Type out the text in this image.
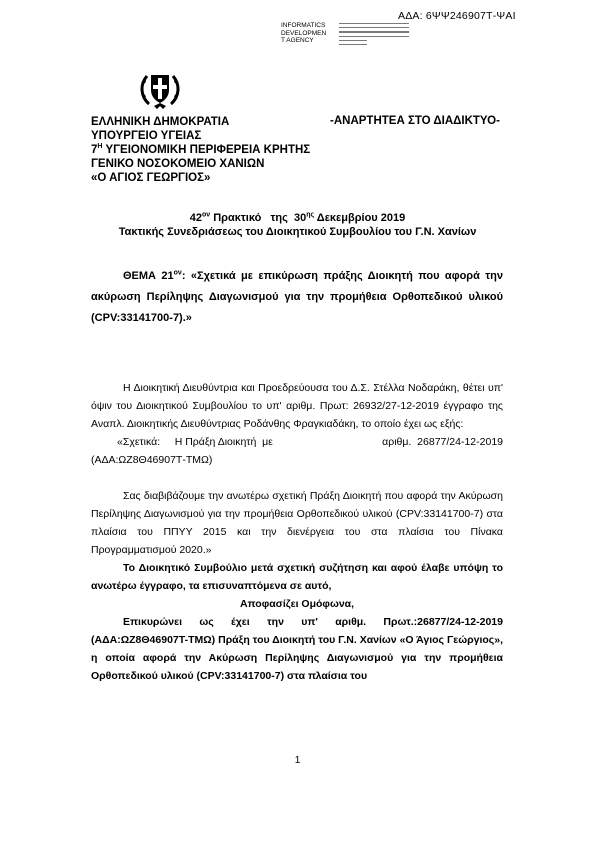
ΑΔΑ: 6ΨΨ246907Τ-ΨΑΙ
INFORMATICS
DEVELOPMEN
T AGENCY
ΕΛΛΗΝΙΚΗ ΔΗΜΟΚΡΑΤΙΑ
ΥΠΟΥΡΓΕΙΟ ΥΓΕΙΑΣ
$7^H$ ΥΓΕΙΟΝΟΜΙΚΗ ΠΕΡΙΦΕΡΕΙΑ ΚΡΗΤΗΣ
ΓΕΝΙΚΟ ΝΟΣΟΚΟΜΕΙΟ ΧΑΝΙΩΝ
«Ο ΑΓΙΟΣ ΓΕΩΡΓΙΟΣ»
-ΑΝΑΡΤΗΤΕΑ ΣΤΟ ΔΙΑΔΙΚΤΥΟ-
$42^{o\nu}$ Πρακτικό   της  $30^{\eta\varsigma}$ Δεκεμβρίου 2019
Τακτικής Συνεδριάσεως του Διοικητικού Συμβουλίου του Γ.Ν. Χανίων
ΘΕΜΑ $21^{o\nu}$: «Σχετικά με επικύρωση πράξης Διοικητή που αφορά την ακύρωση Περίληψης Διαγωνισμού για την προμήθεια Ορθοπεδικού υλικού (CPV:33141700-7).»
Η Διοικητική Διευθύντρια και Προεδρεύουσα του Δ.Σ. Στέλλα Νοδαράκη, θέτει υπ' όψιν του Διοικητικού Συμβουλίου το υπ' αριθμ. Πρωτ: 26932/27-12-2019 έγγραφο της Αναπλ. Διοικητικής Διευθύντριας Ροδάνθης Φραγκιαδάκη, το οποίο έχει ως εξής:
«Σχετικά:     Η Πράξη Διοικητή  με	αριθμ.  26877/24-12-2019
(ΑΔΑ:ΩΖ8Θ46907Τ-ΤΜΩ)
Σας διαβιβάζουμε την ανωτέρω σχετική Πράξη Διοικητή που αφορά την Ακύρωση Περίληψης Διαγωνισμού για την προμήθεια Ορθοπεδικού υλικού (CPV:33141700-7) στα πλαίσια του ΠΠΥΥ 2015 και την διενέργεια του στα πλαίσια του Πίνακα Προγραμματισμού 2020.»
Το Διοικητικό Συμβούλιο μετά σχετική συζήτηση και αφού έλαβε υπόψη το ανωτέρω έγγραφο, τα επισυναπτόμενα σε αυτό,
Αποφασίζει Ομόφωνα,
Επικυρώνει ως έχει την υπ' αριθμ. Πρωτ.:26877/24-12-2019 (ΑΔΑ:ΩΖ8Θ46907Τ-ΤΜΩ) Πράξη του Διοικητή του Γ.Ν. Χανίων «Ο Άγιος Γεώργιος», η οποία αφορά την Ακύρωση Περίληψης Διαγωνισμού για την προμήθεια Ορθοπεδικού υλικού (CPV:33141700-7) στα πλαίσια του
1
